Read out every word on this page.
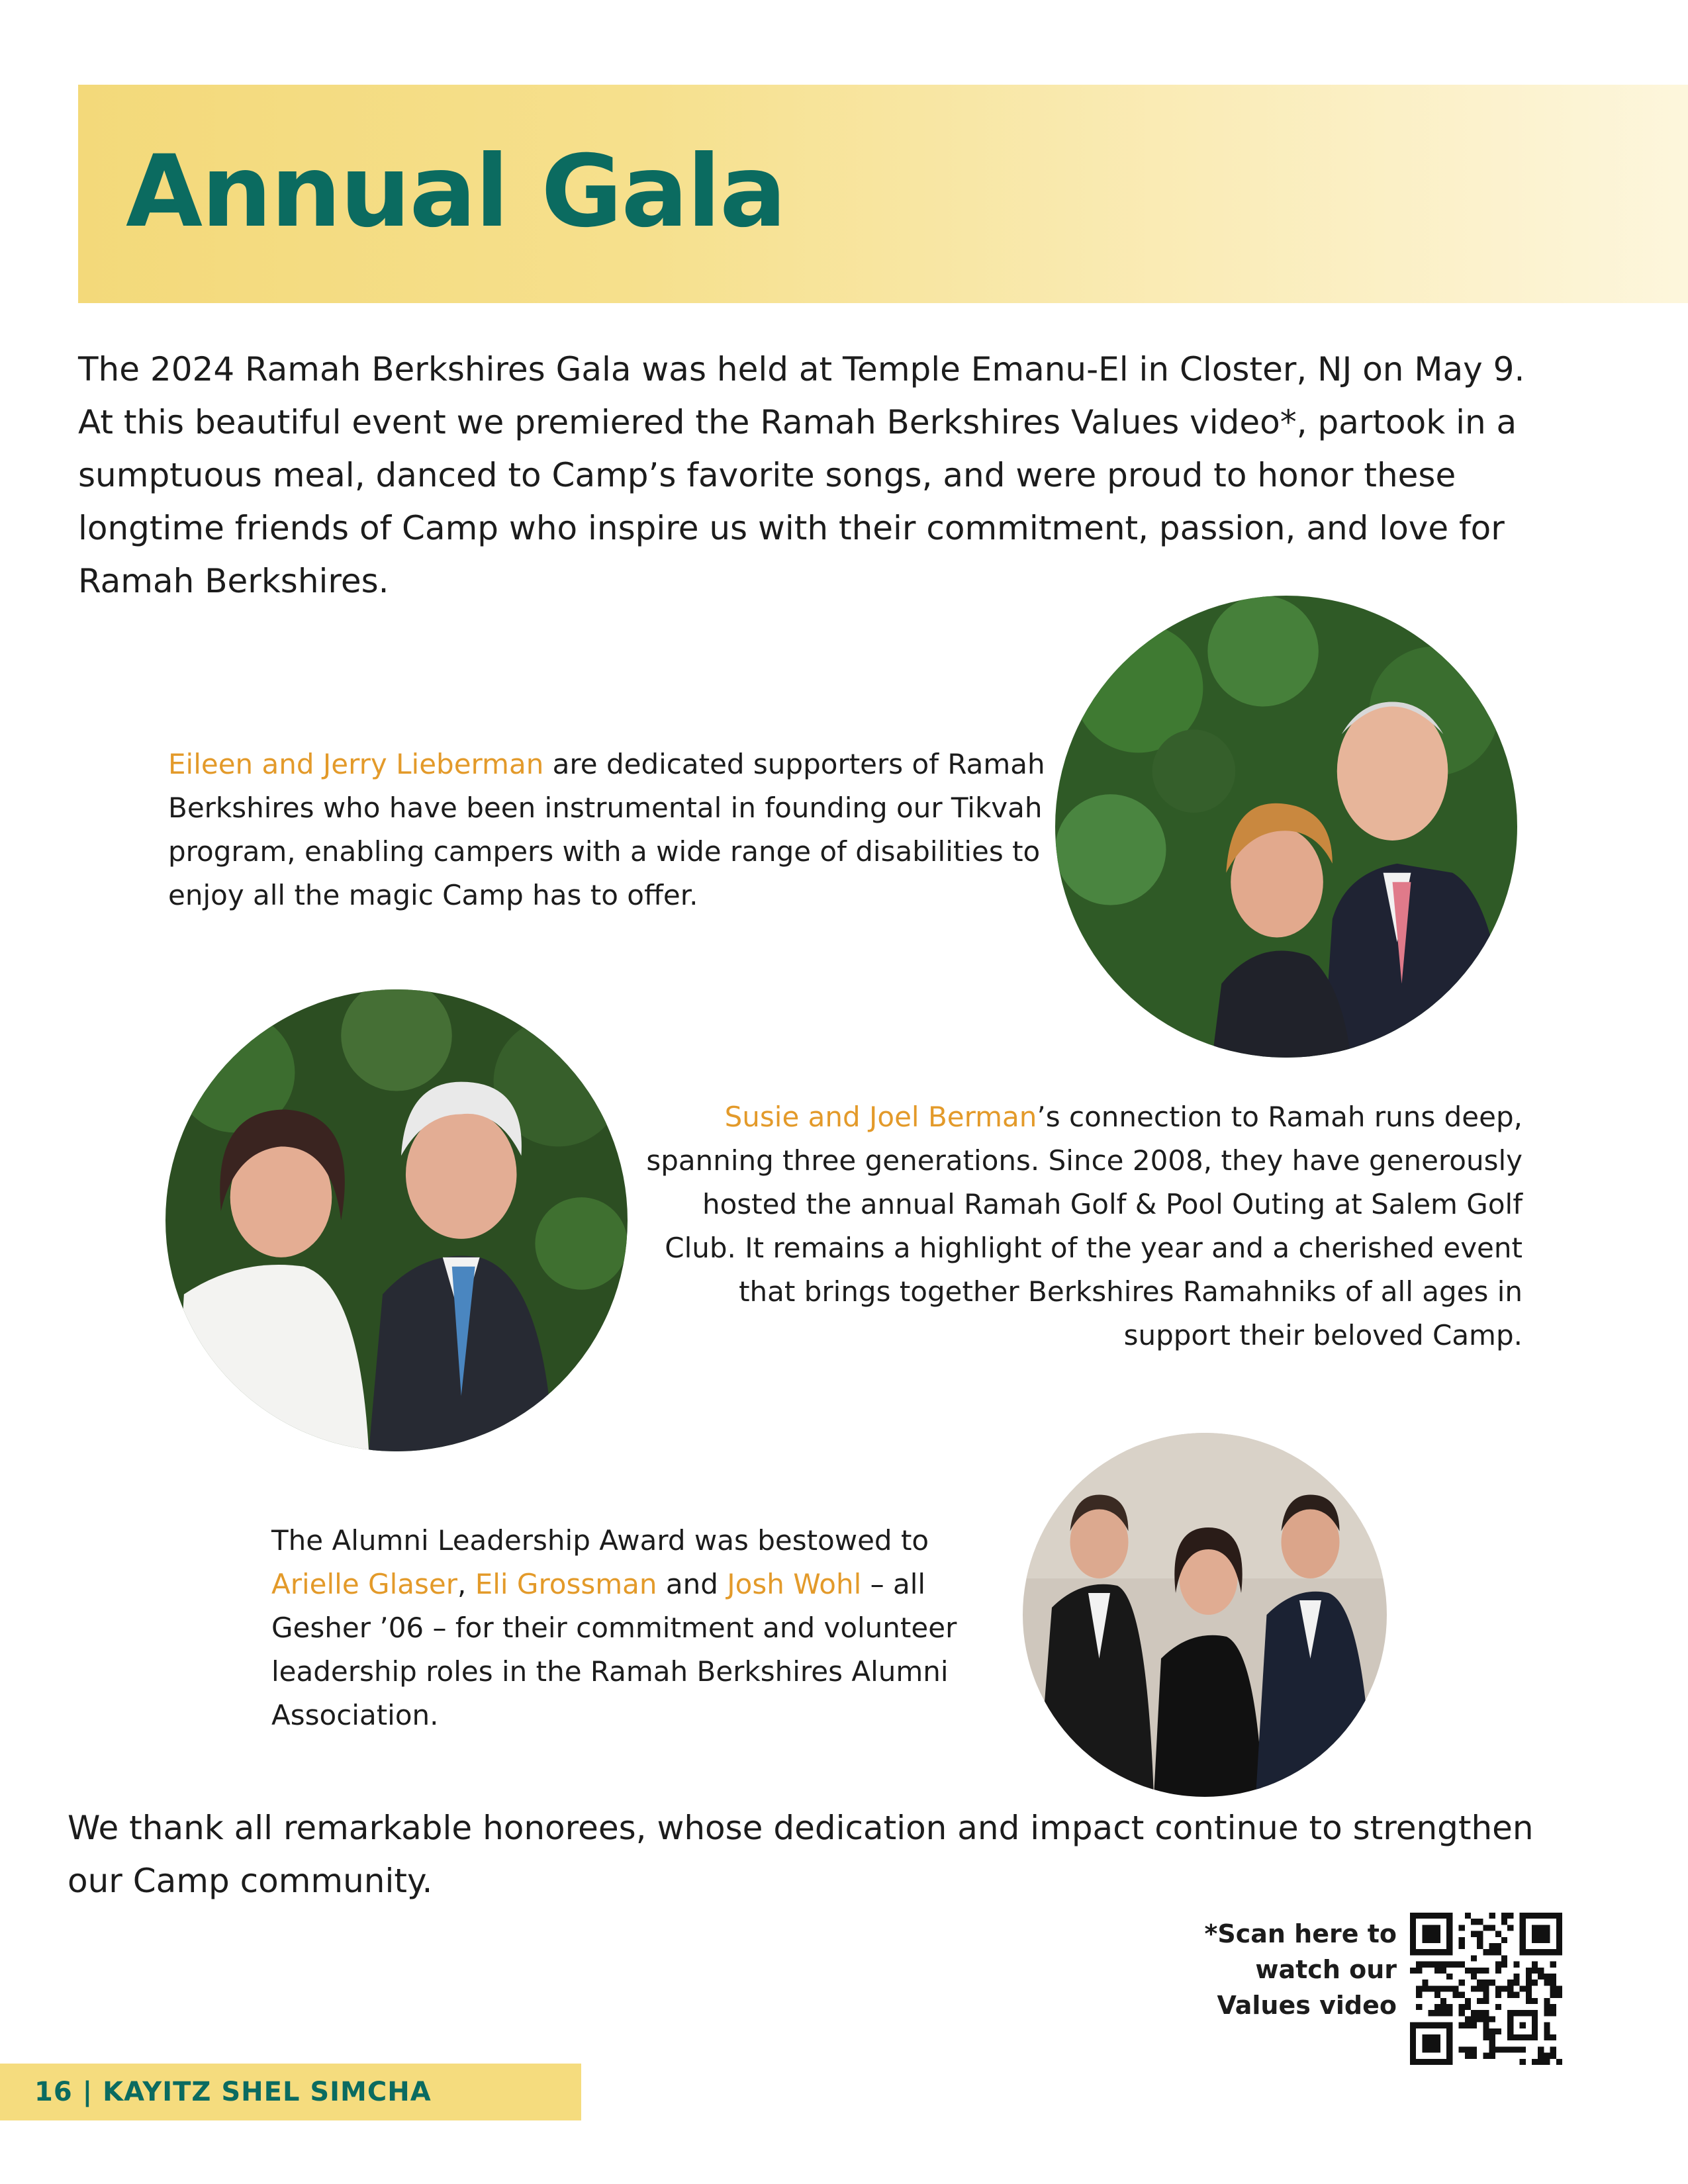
Annual Gala
The 2024 Ramah Berkshires Gala was held at Temple Emanu-El in Closter, NJ on May 9. At this beautiful event we premiered the Ramah Berkshires Values video*, partook in a sumptuous meal, danced to Camp’s favorite songs, and were proud to honor these longtime friends of Camp who inspire us with their commitment, passion, and love for Ramah Berkshires.
Eileen and Jerry Lieberman are dedicated supporters of Ramah Berkshires who have been instrumental in founding our Tikvah program, enabling campers with a wide range of disabilities to enjoy all the magic Camp has to offer.
Susie and Joel Berman’s connection to Ramah runs deep, spanning three generations. Since 2008, they have generously hosted the annual Ramah Golf & Pool Outing at Salem Golf Club. It remains a highlight of the year and a cherished event that brings together Berkshires Ramahniks of all ages in support their beloved Camp.
The Alumni Leadership Award was bestowed to Arielle Glaser, Eli Grossman and Josh Wohl – all Gesher ’06 – for their commitment and volunteer leadership roles in the Ramah Berkshires Alumni Association.
We thank all remarkable honorees, whose dedication and impact continue to strengthen our Camp community.
*Scan here to
watch our
Values video
16 | KAYITZ SHEL SIMCHA
